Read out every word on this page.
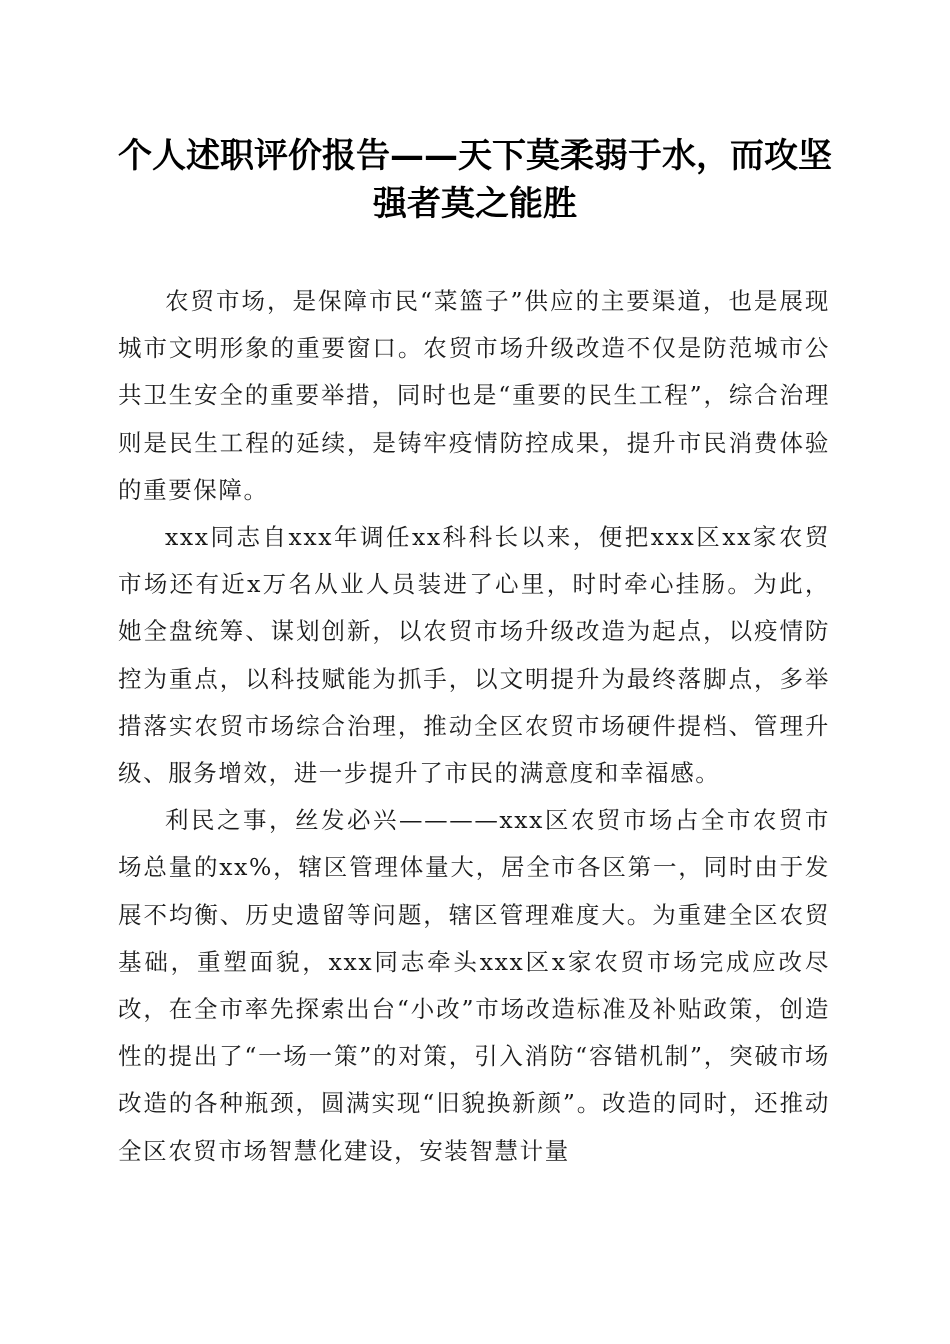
个人述职评价报告——天下莫柔弱于水，而攻坚强者莫之能胜

农贸市场，是保障市民“菜篮子”供应的主要渠道，也是展现城市文明形象的重要窗口。农贸市场升级改造不仅是防范城市公共卫生安全的重要举措，同时也是“重要的民生工程”，综合治理则是民生工程的延续，是铸牢疫情防控成果，提升市民消费体验的重要保障。

xxx同志自xxx年调任xx科科长以来，便把xxx区xx家农贸市场还有近x万名从业人员装进了心里，时时牵心挂肠。为此，她全盘统筹、谋划创新，以农贸市场升级改造为起点，以疫情防控为重点，以科技赋能为抓手，以文明提升为最终落脚点，多举措落实农贸市场综合治理，推动全区农贸市场硬件提档、管理升级、服务增效，进一步提升了市民的满意度和幸福感。

利民之事，丝发必兴————xxx区农贸市场占全市农贸市场总量的xx%，辖区管理体量大，居全市各区第一，同时由于发展不均衡、历史遗留等问题，辖区管理难度大。为重建全区农贸基础，重塑面貌，xxx同志牵头xxx区x家农贸市场完成应改尽改，在全市率先探索出台“小改”市场改造标准及补贴政策，创造性的提出了“一场一策”的对策，引入消防“容错机制”，突破市场改造的各种瓶颈，圆满实现“旧貌换新颜”。改造的同时，还推动全区农贸市场智慧化建设，安装智慧计量
